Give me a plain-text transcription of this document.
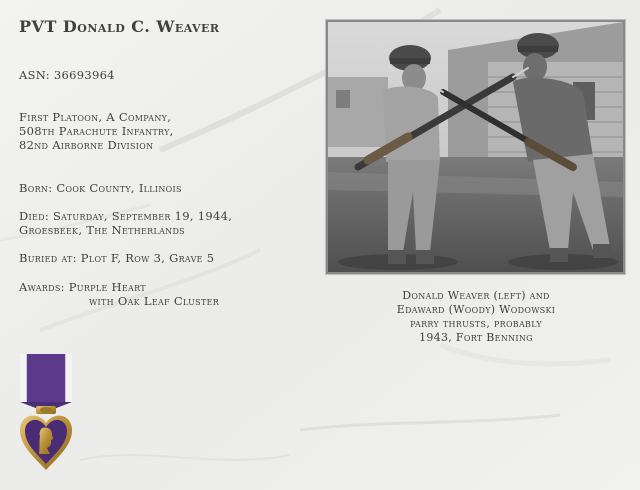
PVT Donald C. Weaver
ASN: 36693964
First Platoon, A Company,
508th Parachute Infantry,
82nd Airborne Division
Born: Cook County, Illinois
Died: Saturday, September 19, 1944,
Groesbeek, The Netherlands
Buried at: Plot F, Row 3, Grave 5
Awards: Purple Heart
with Oak Leaf Cluster	Donald Weaver (left) and
Edaward (Woody) Wodowski
parry thrusts, probably
1943, Fort Benning
